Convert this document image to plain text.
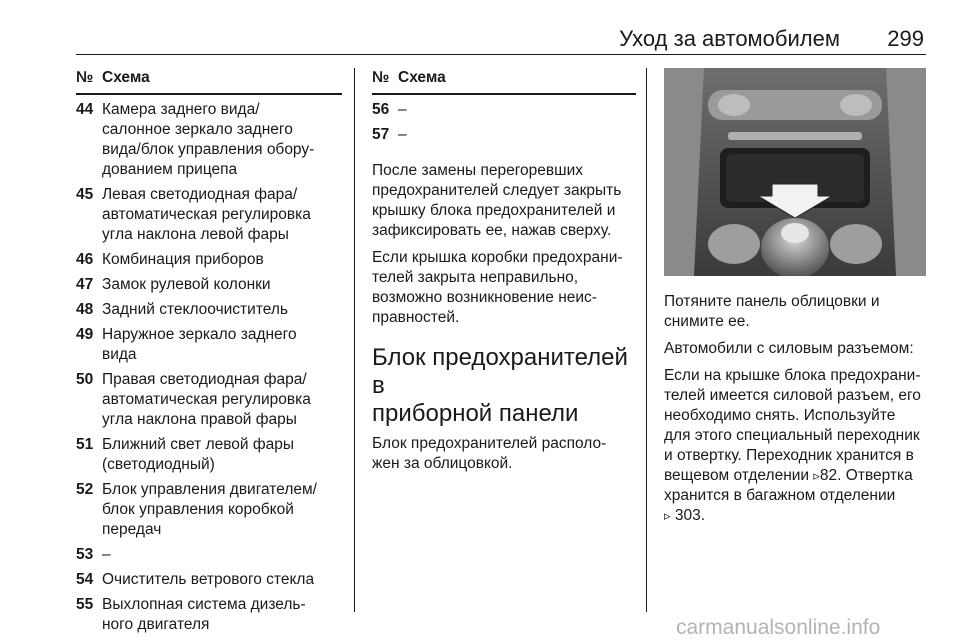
Уход за автомобилем 299
№ Схема
44 Камера заднего вида/
салонное зеркало заднего
вида/блок управления обору-
дованием прицепа
45 Левая светодиодная фара/
автоматическая регулировка
угла наклона левой фары
46 Комбинация приборов
47 Замок рулевой колонки
48 Задний стеклоочиститель
49 Наружное зеркало заднего
вида
50 Правая светодиодная фара/
автоматическая регулировка
угла наклона правой фары
51 Ближний свет левой фары
(светодиодный)
52 Блок управления двигателем/
блок управления коробкой
передач
53 –
54 Очиститель ветрового стекла
55 Выхлопная система дизель-
ного двигателя
№ Схема
56 –
57 –

После замены перегоревших
предохранителей следует закрыть
крышку блока предохранителей и
зафиксировать ее, нажав сверху.

Если крышка коробки предохрани-
телей закрыта неправильно,
возможно возникновение неис-
правностей.

Блок предохранителей в
приборной панели

Блок предохранителей располо-
жен за облицовкой.

Потяните панель облицовки и
снимите ее.

Автомобили с силовым разъемом:

Если на крышке блока предохрани-
телей имеется силовой разъем, его
необходимо снять. Используйте
для этого специальный переходник
и отвертку. Переходник хранится в
вещевом отделении ▹82. Отвертка
хранится в багажном отделении
▹ 303.

carmanualsonline.info
